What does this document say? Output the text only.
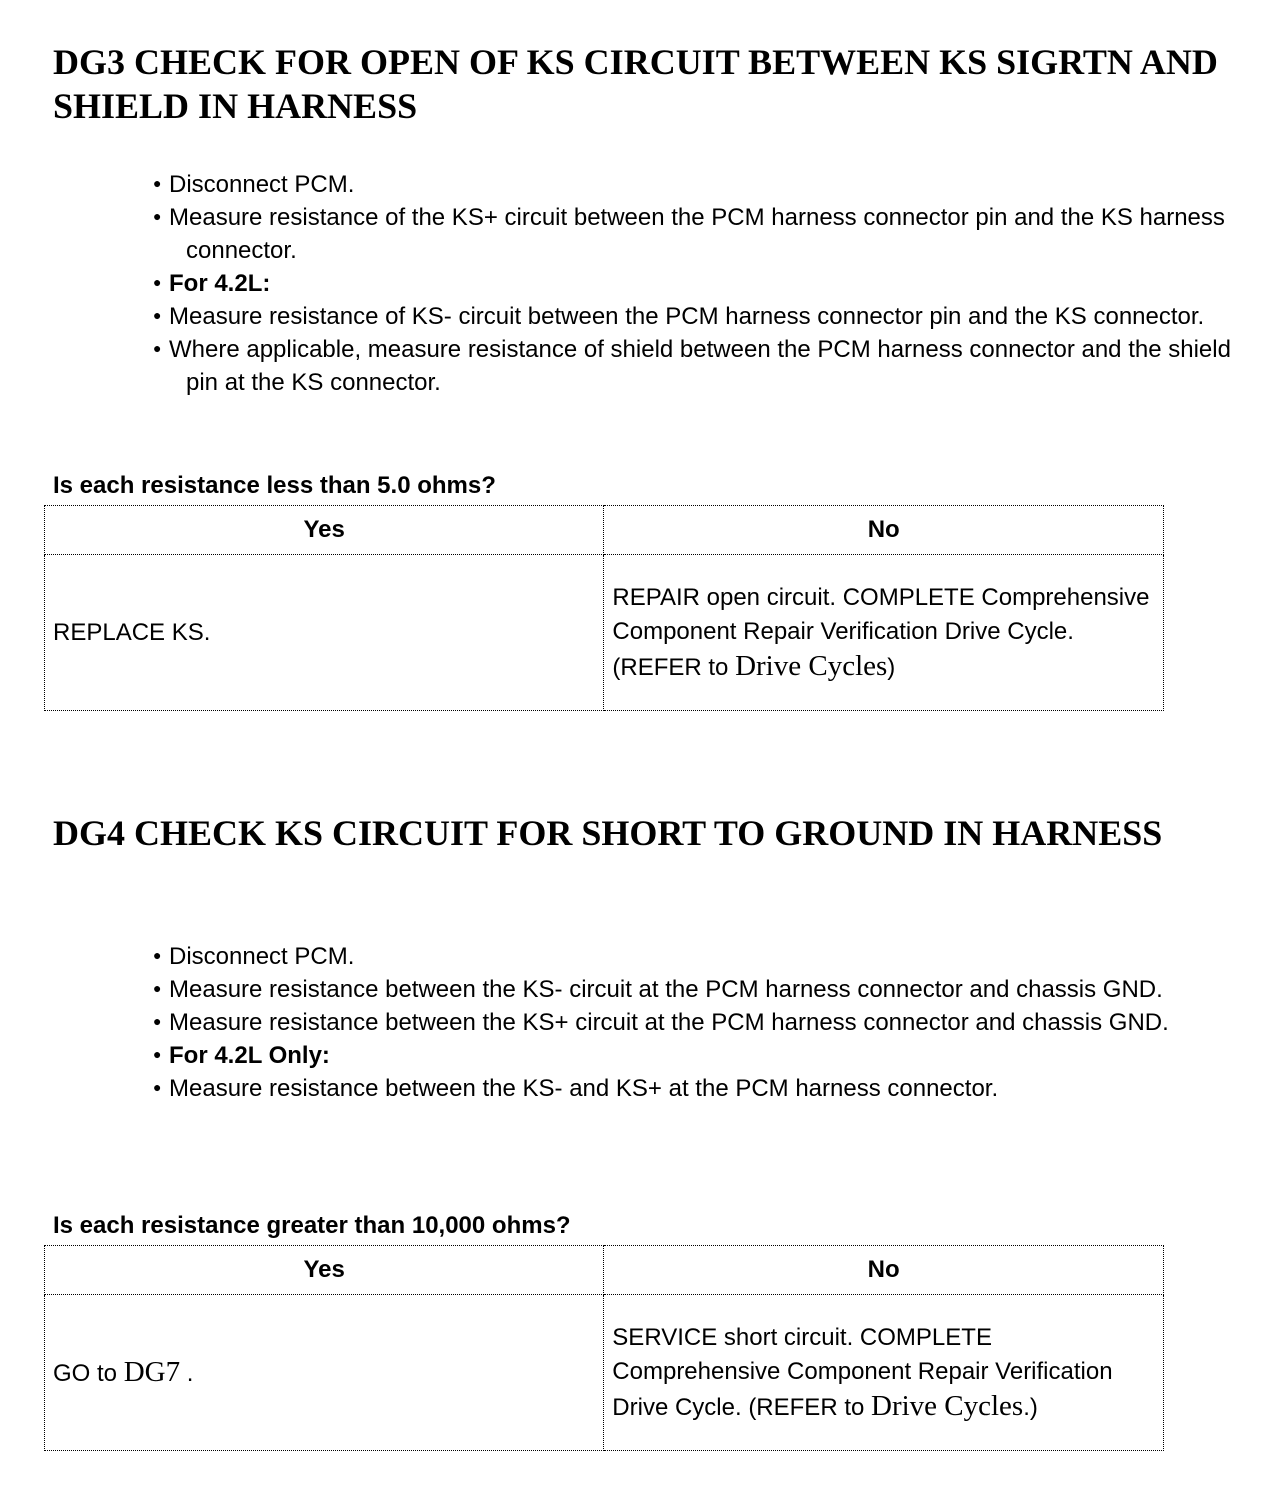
DG3 CHECK FOR OPEN OF KS CIRCUIT BETWEEN KS SIGRTN AND SHIELD IN HARNESS
● Disconnect PCM.
● Measure resistance of the KS+ circuit between the PCM harness connector pin and the KS harness connector.
● For 4.2L:
● Measure resistance of KS- circuit between the PCM harness connector pin and the KS connector.
● Where applicable, measure resistance of shield between the PCM harness connector and the shield pin at the KS connector.
Is each resistance less than 5.0 ohms?
Yes	No
REPLACE KS.	REPAIR open circuit. COMPLETE Comprehensive Component Repair Verification Drive Cycle. (REFER to Drive Cycles)
DG4 CHECK KS CIRCUIT FOR SHORT TO GROUND IN HARNESS
● Disconnect PCM.
● Measure resistance between the KS- circuit at the PCM harness connector and chassis GND.
● Measure resistance between the KS+ circuit at the PCM harness connector and chassis GND.
● For 4.2L Only:
● Measure resistance between the KS- and KS+ at the PCM harness connector.
Is each resistance greater than 10,000 ohms?
Yes	No
GO to DG7 .	SERVICE short circuit. COMPLETE Comprehensive Component Repair Verification Drive Cycle. (REFER to Drive Cycles.)
